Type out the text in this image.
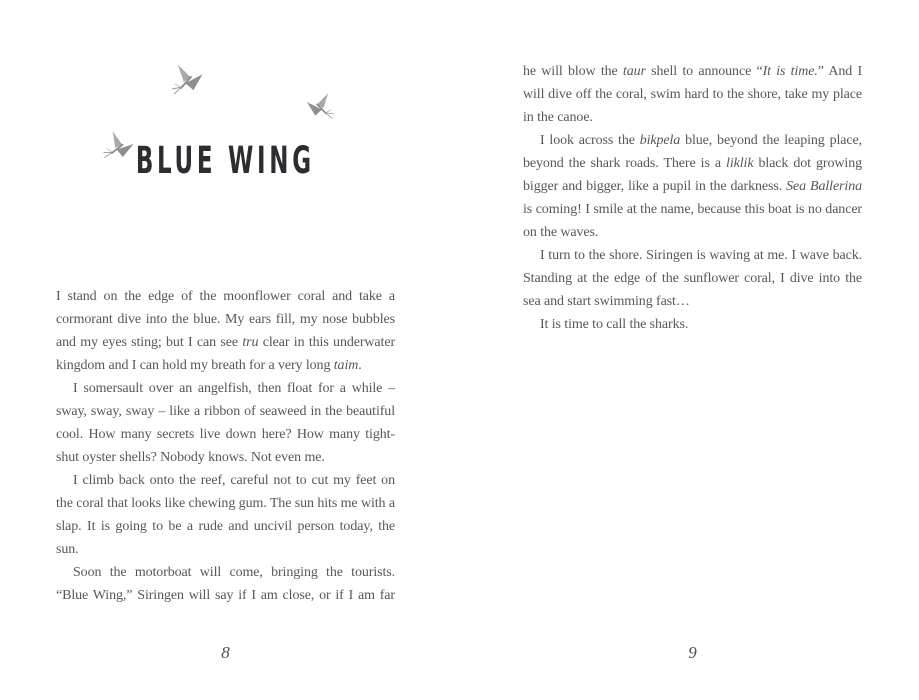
BLUE WING

I stand on the edge of the moonflower coral and take a cormorant dive into the blue. My ears fill, my nose bubbles and my eyes sting; but I can see tru clear in this underwater kingdom and I can hold my breath for a very long taim.

I somersault over an angelfish, then float for a while – sway, sway, sway – like a ribbon of seaweed in the beautiful cool. How many secrets live down here? How many tight-shut oyster shells? Nobody knows. Not even me.

I climb back onto the reef, careful not to cut my feet on the coral that looks like chewing gum. The sun hits me with a slap. It is going to be a rude and uncivil person today, the sun.

Soon the motorboat will come, bringing the tourists. “Blue Wing,” Siringen will say if I am close, or if I am far

8

he will blow the taur shell to announce “It is time.” And I will dive off the coral, swim hard to the shore, take my place in the canoe.

I look across the bikpela blue, beyond the leaping place, beyond the shark roads. There is a liklik black dot growing bigger and bigger, like a pupil in the darkness. Sea Ballerina is coming! I smile at the name, because this boat is no dancer on the waves.

I turn to the shore. Siringen is waving at me. I wave back. Standing at the edge of the sunflower coral, I dive into the sea and start swimming fast…

It is time to call the sharks.

9
